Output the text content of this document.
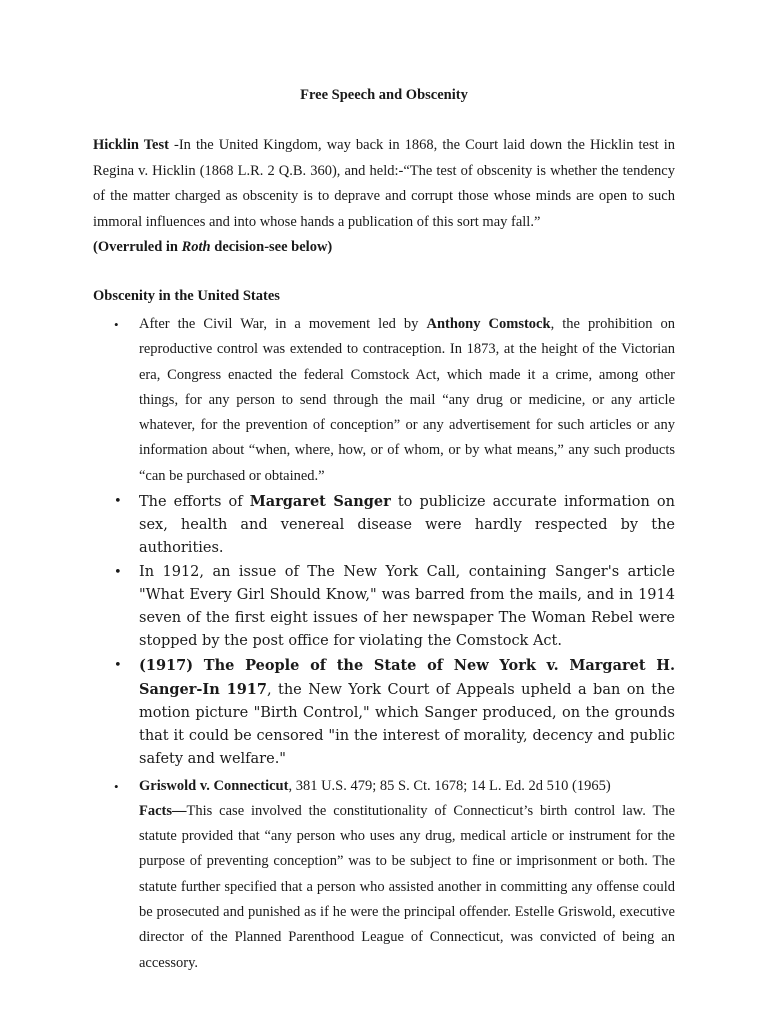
Free Speech and Obscenity
Hicklin Test -In the United Kingdom, way back in 1868, the Court laid down the Hicklin test in Regina v. Hicklin (1868 L.R. 2 Q.B. 360), and held:-“The test of obscenity is whether the tendency of the matter charged as obscenity is to deprave and corrupt those whose minds are open to such immoral influences and into whose hands a publication of this sort may fall.”
(Overruled in Roth decision-see below)
Obscenity in the United States
• After the Civil War, in a movement led by Anthony Comstock, the prohibition on reproductive control was extended to contraception. In 1873, at the height of the Victorian era, Congress enacted the federal Comstock Act, which made it a crime, among other things, for any person to send through the mail “any drug or medicine, or any article whatever, for the prevention of conception” or any advertisement for such articles or any information about “when, where, how, or of whom, or by what means,” any such products “can be purchased or obtained.”
• The efforts of Margaret Sanger to publicize accurate information on sex, health and venereal disease were hardly respected by the authorities.
• In 1912, an issue of The New York Call, containing Sanger's article "What Every Girl Should Know," was barred from the mails, and in 1914 seven of the first eight issues of her newspaper The Woman Rebel were stopped by the post office for violating the Comstock Act.
• (1917) The People of the State of New York v. Margaret H. Sanger-In 1917, the New York Court of Appeals upheld a ban on the motion picture "Birth Control," which Sanger produced, on the grounds that it could be censored "in the interest of morality, decency and public safety and welfare."
• Griswold v. Connecticut, 381 U.S. 479; 85 S. Ct. 1678; 14 L. Ed. 2d 510 (1965)
Facts—This case involved the constitutionality of Connecticut’s birth control law. The statute provided that “any person who uses any drug, medical article or instrument for the purpose of preventing conception” was to be subject to fine or imprisonment or both. The statute further specified that a person who assisted another in committing any offense could be prosecuted and punished as if he were the principal offender. Estelle Griswold, executive director of the Planned Parenthood League of Connecticut, was convicted of being an accessory.
